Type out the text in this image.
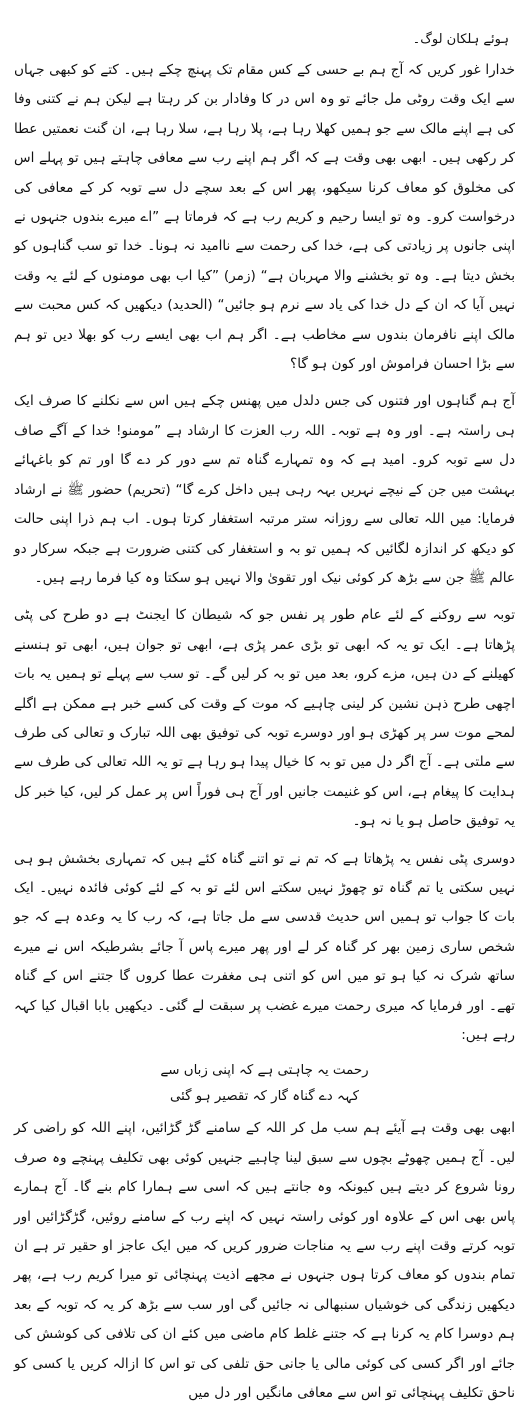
ہوئے ہلکان لوگ۔

خدارا غور کریں کہ آج ہم بے حسی کے کس مقام تک پہنچ چکے ہیں۔ کتے کو کبھی جہاں سے ایک وقت روٹی مل جائے تو وہ اس در کا وفادار بن کر رہتا ہے لیکن ہم نے کتنی وفا کی ہے اپنے مالک سے جو ہمیں کھلا رہا ہے، پلا رہا ہے، سلا رہا ہے، ان گنت نعمتیں عطا کر رکھی ہیں۔ ابھی بھی وقت ہے کہ اگر ہم اپنے رب سے معافی چاہتے ہیں تو پہلے اس کی مخلوق کو معاف کرنا سیکھو، پھر اس کے بعد سچے دل سے توبہ کر کے معافی کی درخواست کرو۔ وہ تو ایسا رحیم و کریم رب ہے کہ فرماتا ہے ”اے میرے بندوں جنہوں نے اپنی جانوں پر زیادتی کی ہے، خدا کی رحمت سے ناامید نہ ہونا۔ خدا تو سب گناہوں کو بخش دیتا ہے۔ وہ تو بخشنے والا مہربان ہے“ (زمر) ”کیا اب بھی مومنوں کے لئے یہ وقت نہیں آیا کہ ان کے دل خدا کی یاد سے نرم ہو جائیں“ (الحدید) دیکھیں کہ کس محبت سے مالک اپنے نافرمان بندوں سے مخاطب ہے۔ اگر ہم اب بھی ایسے رب کو بھلا دیں تو ہم سے بڑا احسان فراموش اور کون ہو گا؟

آج ہم گناہوں اور فتنوں کی جس دلدل میں پھنس چکے ہیں اس سے نکلنے کا صرف ایک ہی راستہ ہے۔ اور وہ ہے توبہ۔ اللہ رب العزت کا ارشاد ہے ”مومنو! خدا کے آگے صاف دل سے توبہ کرو۔ امید ہے کہ وہ تمہارے گناہ تم سے دور کر دے گا اور تم کو باغہائے بہشت میں جن کے نیچے نہریں بہہ رہی ہیں داخل کرے گا“ (تحریم) حضور ﷺ نے ارشاد فرمایا: میں اللہ تعالی سے روزانہ ستر مرتبہ استغفار کرتا ہوں۔ اب ہم ذرا اپنی حالت کو دیکھ کر اندازہ لگائیں کہ ہمیں تو بہ و استغفار کی کتنی ضرورت ہے جبکہ سرکار دو عالم ﷺ جن سے بڑھ کر کوئی نیک اور تقویٰ والا نہیں ہو سکتا وہ کیا فرما رہے ہیں۔

توبہ سے روکنے کے لئے عام طور پر نفس جو کہ شیطان کا ایجنٹ ہے دو طرح کی پٹی پڑھاتا ہے۔ ایک تو یہ کہ ابھی تو بڑی عمر پڑی ہے، ابھی تو جوان ہیں، ابھی تو ہنسنے کھیلنے کے دن ہیں، مزے کرو، بعد میں تو بہ کر لیں گے۔ تو سب سے پہلے تو ہمیں یہ بات اچھی طرح ذہن نشین کر لینی چاہیے کہ موت کے وقت کی کسے خبر ہے ممکن ہے اگلے لمحے موت سر پر کھڑی ہو اور دوسرے توبہ کی توفیق بھی اللہ تبارک و تعالی کی طرف سے ملتی ہے۔ آج اگر دل میں تو بہ کا خیال پیدا ہو رہا ہے تو یہ اللہ تعالی کی طرف سے ہدایت کا پیغام ہے، اس کو غنیمت جانیں اور آج ہی فوراً اس پر عمل کر لیں، کیا خبر کل یہ توفیق حاصل ہو یا نہ ہو۔

دوسری پٹی نفس یہ پڑھاتا ہے کہ تم نے تو اتنے گناہ کئے ہیں کہ تمہاری بخشش ہو ہی نہیں سکتی یا تم گناہ تو چھوڑ نہیں سکتے اس لئے تو بہ کے لئے کوئی فائدہ نہیں۔ ایک بات کا جواب تو ہمیں اس حدیث قدسی سے مل جاتا ہے، کہ رب کا یہ وعدہ ہے کہ جو شخص ساری زمین بھر کر گناہ کر لے اور پھر میرے پاس آ جائے بشرطیکہ اس نے میرے ساتھ شرک نہ کیا ہو تو میں اس کو اتنی ہی مغفرت عطا کروں گا جتنے اس کے گناہ تھے۔ اور فرمایا کہ میری رحمت میرے غضب پر سبقت لے گئی۔ دیکھیں بابا اقبال کیا کہہ رہے ہیں:

رحمت یہ چاہتی ہے کہ اپنی زباں سے

کہہ دے گناہ گار کہ تقصیر ہو گئی

ابھی بھی وقت ہے آیئے ہم سب مل کر اللہ کے سامنے گڑ گڑائیں، اپنے اللہ کو راضی کر لیں۔ آج ہمیں چھوٹے بچوں سے سبق لینا چاہیے جنہیں کوئی بھی تکلیف پہنچے وہ صرف رونا شروع کر دیتے ہیں کیونکہ وہ جانتے ہیں کہ اسی سے ہمارا کام بنے گا۔ آج ہمارے پاس بھی اس کے علاوہ اور کوئی راستہ نہیں کہ اپنے رب کے سامنے روئیں، گڑگڑائیں اور توبہ کرتے وقت اپنے رب سے یہ مناجات ضرور کریں کہ میں ایک عاجز او حقیر تر ہے ان تمام بندوں کو معاف کرتا ہوں جنہوں نے مجھے اذیت پہنچائی تو میرا کریم رب ہے، پھر دیکھیں زندگی کی خوشیاں سنبھالی نہ جائیں گی اور سب سے بڑھ کر یہ کہ توبہ کے بعد ہم دوسرا کام یہ کرنا ہے کہ جتنے غلط کام ماضی میں کئے ان کی تلافی کی کوشش کی جائے اور اگر کسی کی کوئی مالی یا جانی حق تلفی کی تو اس کا ازالہ کریں یا کسی کو ناحق تکلیف پہنچائی تو اس سے معافی مانگیں اور دل میں
